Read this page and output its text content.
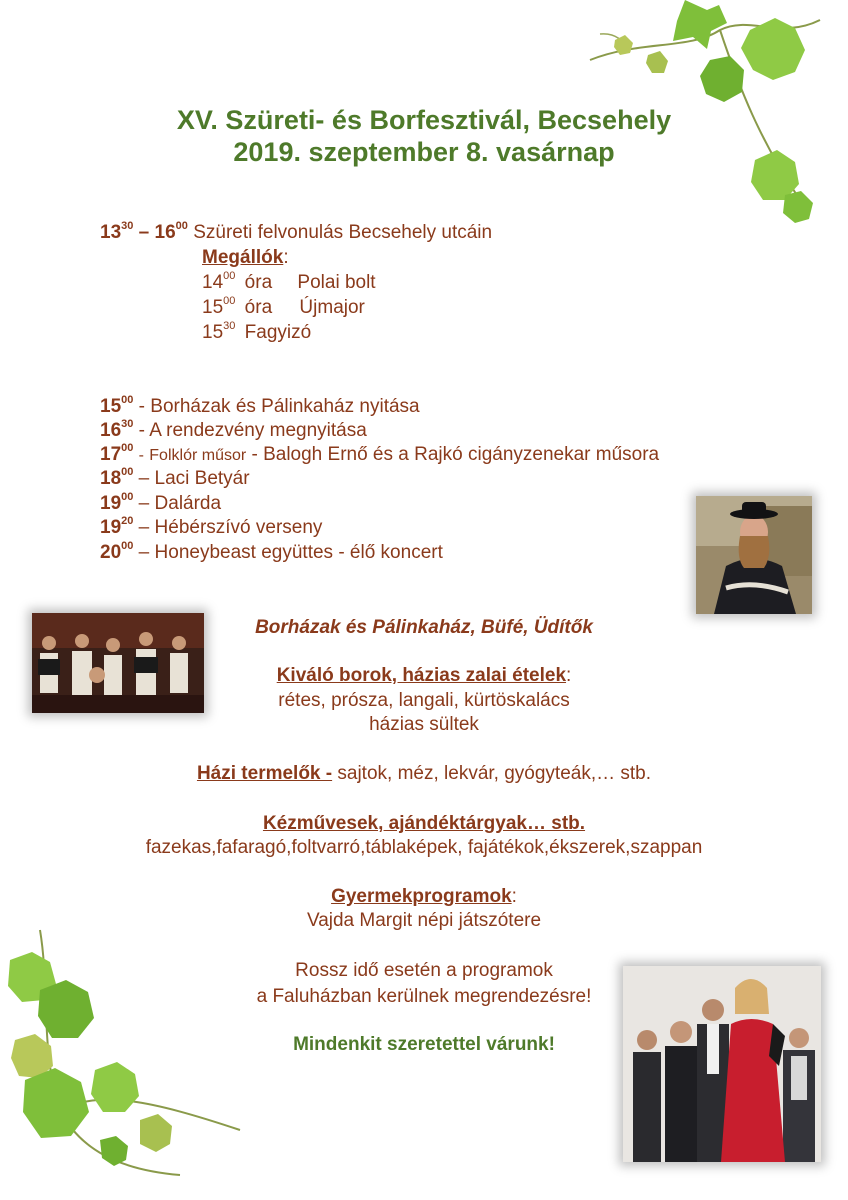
XV. Szüreti- és Borfesztivál, Becsehely
2019. szeptember 8. vasárnap
$13^{30} - 16^{00}$ Szüreti felvonulás Becsehely utcáin
Megállók:
$14^{00}$ óra Polai bolt
$15^{00}$ óra Újmajor
$15^{30}$ Fagyizó
$15^{00}$ - Borházak és Pálinkaház nyitása
$16^{30}$ - A rendezvény megnyitása
$17^{00}$ - Folklór műsor - Balogh Ernő és a Rajkó cigányzenekar műsora
$18^{00}$ – Laci Betyár
$19^{00}$ – Dalárda
$19^{20}$ – Hébérszívó verseny
$20^{00}$ – Honeybeast együttes - élő koncert
Borházak és Pálinkaház, Büfé, Üdítők
Kiváló borok, házias zalai ételek:
rétes, prósza, langali, kürtöskalács
házias sültek
Házi termelők - sajtok, méz, lekvár, gyógyteák,… stb.
Kézművesek, ajándéktárgyak… stb.
fazekas,fafaragó,foltvarró,táblaképek, fajátékok,ékszerek,szappan
Gyermekprogramok:
Vajda Margit népi játszótere
Rossz idő esetén a programok
a Faluházban kerülnek megrendezésre!
Mindenkit szeretettel várunk!
